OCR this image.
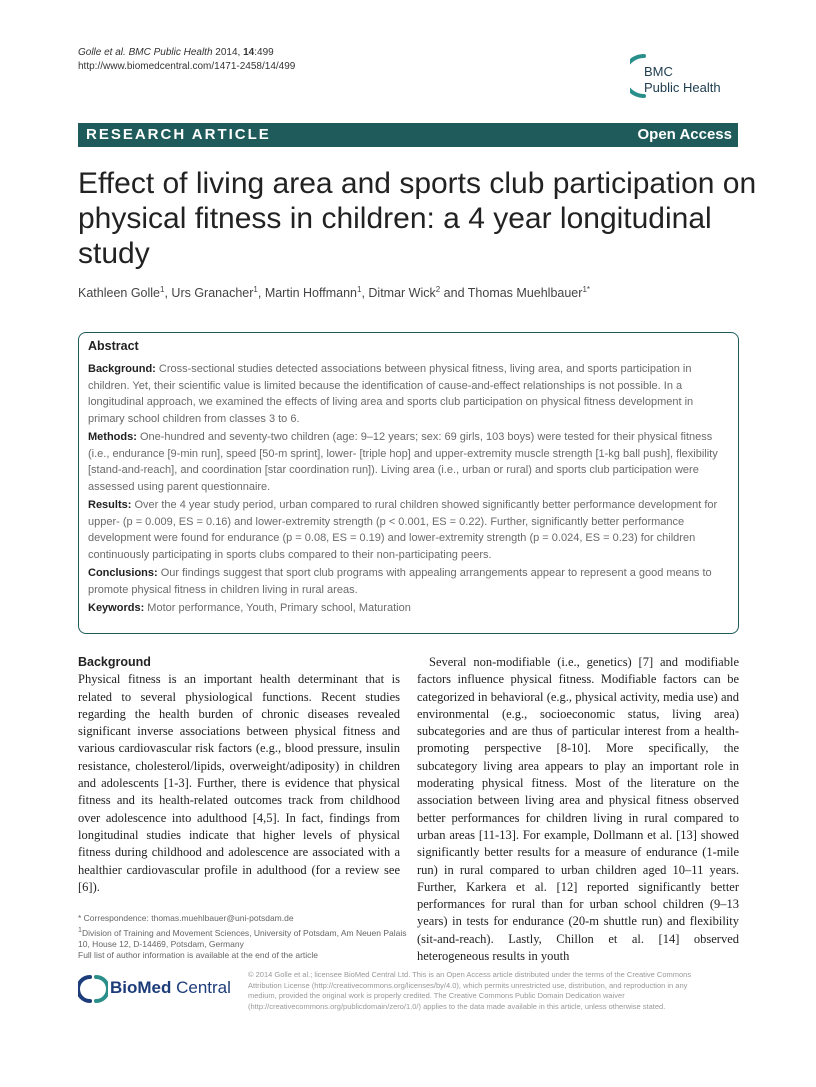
Golle et al. BMC Public Health 2014, 14:499
http://www.biomedcentral.com/1471-2458/14/499	BMC
Public Health
RESEARCH ARTICLE	Open Access
Effect of living area and sports club participation on physical fitness in children: a 4 year longitudinal study
Kathleen Golle$^1$, Urs Granacher$^1$, Martin Hoffmann$^1$, Ditmar Wick$^2$ and Thomas Muehlbauer$^{1*}$
Abstract

Background: Cross-sectional studies detected associations between physical fitness, living area, and sports participation in children. Yet, their scientific value is limited because the identification of cause-and-effect relationships is not possible. In a longitudinal approach, we examined the effects of living area and sports club participation on physical fitness development in primary school children from classes 3 to 6.

Methods: One-hundred and seventy-two children (age: 9–12 years; sex: 69 girls, 103 boys) were tested for their physical fitness (i.e., endurance [9-min run], speed [50-m sprint], lower- [triple hop] and upper-extremity muscle strength [1-kg ball push], flexibility [stand-and-reach], and coordination [star coordination run]). Living area (i.e., urban or rural) and sports club participation were assessed using parent questionnaire.

Results: Over the 4 year study period, urban compared to rural children showed significantly better performance development for upper- (p = 0.009, ES = 0.16) and lower-extremity strength (p < 0.001, ES = 0.22). Further, significantly better performance development were found for endurance (p = 0.08, ES = 0.19) and lower-extremity strength (p = 0.024, ES = 0.23) for children continuously participating in sports clubs compared to their non-participating peers.

Conclusions: Our findings suggest that sport club programs with appealing arrangements appear to represent a good means to promote physical fitness in children living in rural areas.

Keywords: Motor performance, Youth, Primary school, Maturation

Background

Physical fitness is an important health determinant that is related to several physiological functions. Recent studies regarding the health burden of chronic diseases revealed significant inverse associations between physical fitness and various cardiovascular risk factors (e.g., blood pressure, insulin resistance, cholesterol/lipids, overweight/adiposity) in children and adolescents [1-3]. Further, there is evidence that physical fitness and its health-related outcomes track from childhood over adolescence into adulthood [4,5]. In fact, findings from longitudinal studies indicate that higher levels of physical fitness during childhood and adolescence are associated with a healthier cardiovascular profile in adulthood (for a review see [6]).

Several non-modifiable (i.e., genetics) [7] and modifiable factors influence physical fitness. Modifiable factors can be categorized in behavioral (e.g., physical activity, media use) and environmental (e.g., socioeconomic status, living area) subcategories and are thus of particular interest from a health-promoting perspective [8-10]. More specifically, the subcategory living area appears to play an important role in moderating physical fitness. Most of the literature on the association between living area and physical fitness observed better performances for children living in rural compared to urban areas [11-13]. For example, Dollmann et al. [13] showed significantly better results for a measure of endurance (1-mile run) in rural compared to urban children aged 10–11 years. Further, Karkera et al. [12] reported significantly better performances for rural than for urban school children (9–13 years) in tests for endurance (20-m shuttle run) and flexibility (sit-and-reach). Lastly, Chillon et al. [14] observed heterogeneous results in youth

* Correspondence: thomas.muehlbauer@uni-potsdam.de
$^1$Division of Training and Movement Sciences, University of Potsdam, Am Neuen Palais 10, House 12, D-14469, Potsdam, Germany
Full list of author information is available at the end of the article
BioMed Central
© 2014 Golle et al.; licensee BioMed Central Ltd. This is an Open Access article distributed under the terms of the Creative Commons Attribution License (http://creativecommons.org/licenses/by/4.0), which permits unrestricted use, distribution, and reproduction in any medium, provided the original work is properly credited. The Creative Commons Public Domain Dedication waiver (http://creativecommons.org/publicdomain/zero/1.0/) applies to the data made available in this article, unless otherwise stated.
